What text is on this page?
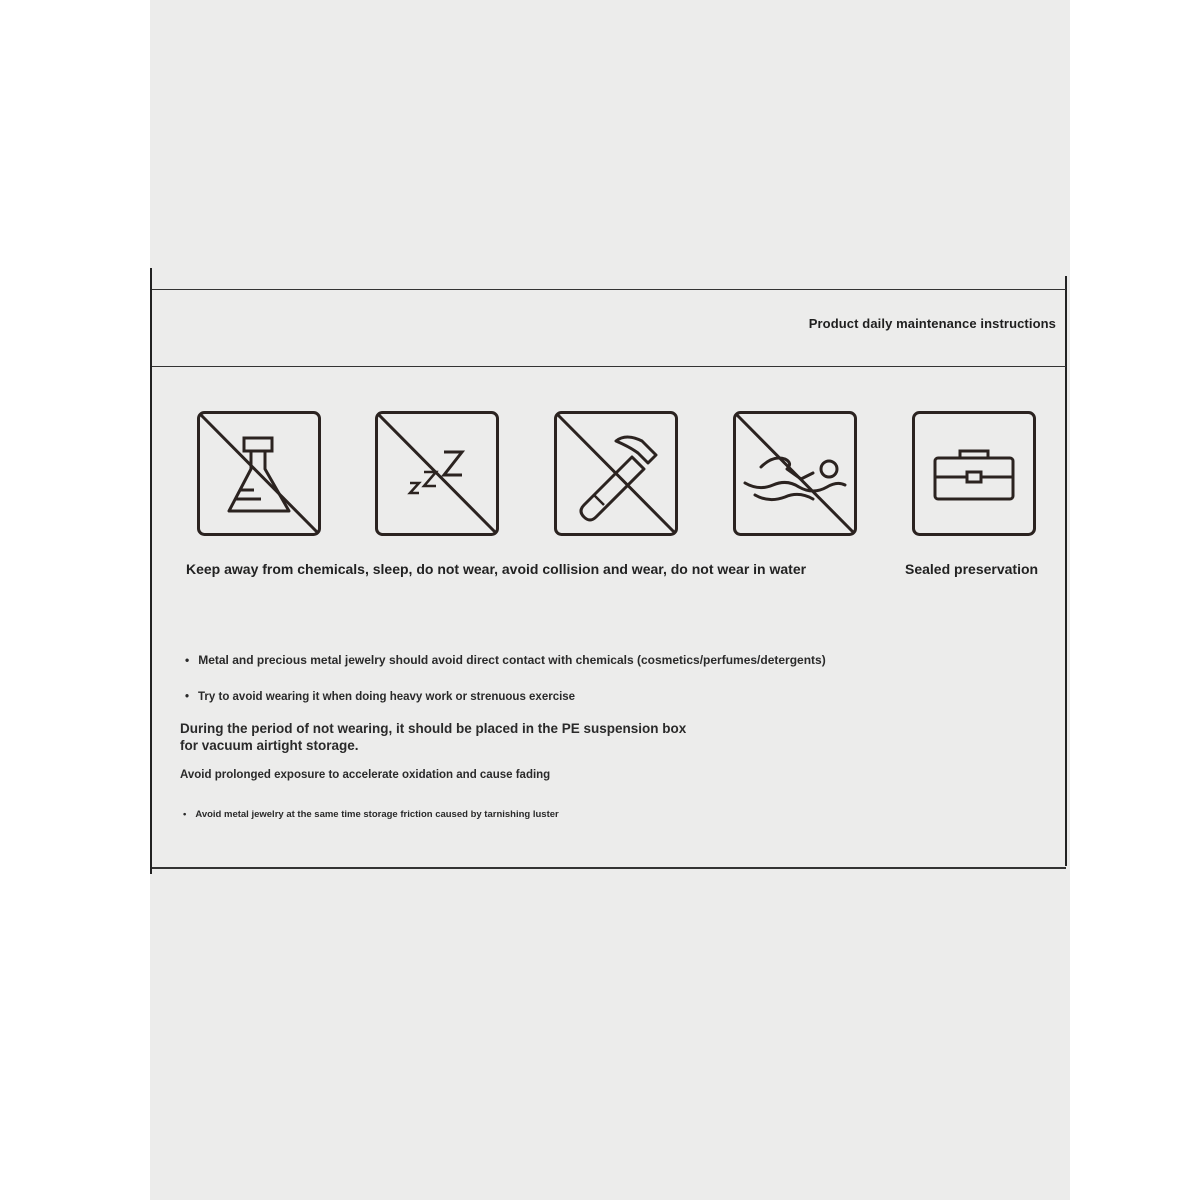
Product daily maintenance instructions
Keep away from chemicals, sleep, do not wear, avoid collision and wear, do not wear in water	Sealed preservation
• Metal and precious metal jewelry should avoid direct contact with chemicals (cosmetics/perfumes/detergents)
• Try to avoid wearing it when doing heavy work or strenuous exercise
During the period of not wearing, it should be placed in the PE suspension box
for vacuum airtight storage.
Avoid prolonged exposure to accelerate oxidation and cause fading
• Avoid metal jewelry at the same time storage friction caused by tarnishing luster
